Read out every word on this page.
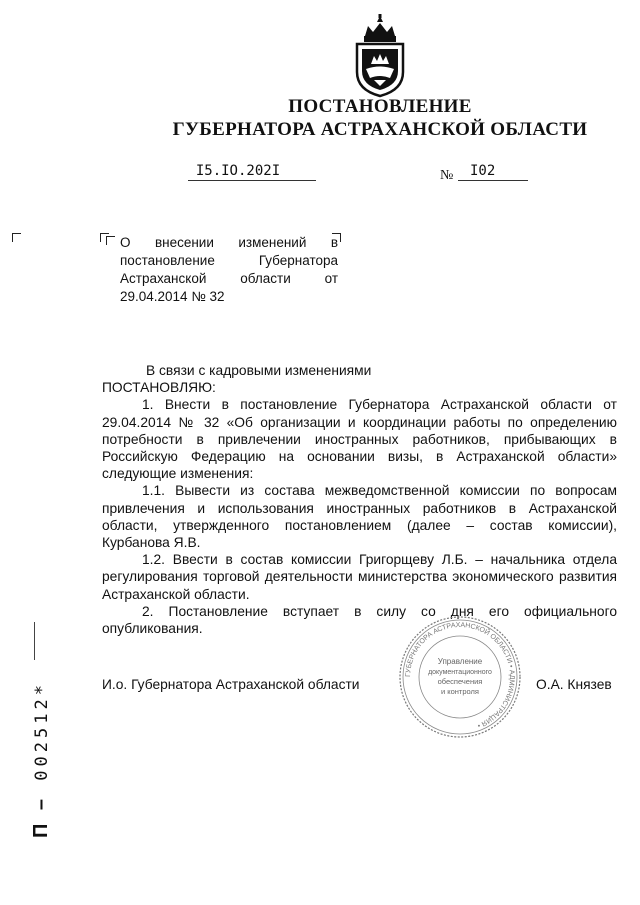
ПОСТАНОВЛЕНИЕ
ГУБЕРНАТОРА АСТРАХАНСКОЙ ОБЛАСТИ
I5.IO.202I	№ I02
О внесении изменений в постановление Губернатора Астраханской области от 29.04.2014 № 32

В связи с кадровыми изменениями

ПОСТАНОВЛЯЮ:

1. Внести в постановление Губернатора Астраханской области от 29.04.2014 № 32 «Об организации и координации работы по определению потребности в привлечении иностранных работников, прибывающих в Российскую Федерацию на основании визы, в Астраханской области» следующие изменения:

1.1. Вывести из состава межведомственной комиссии по вопросам привлечения и использования иностранных работников в Астраханской области, утвержденного постановлением (далее – состав комиссии), Курбанова Я.В.

1.2. Ввести в состав комиссии Григорщеву Л.Б. – начальника отдела регулирования торговой деятельности министерства экономического развития Астраханской области.

2. Постановление вступает в силу со дня его официального опубликования.

ГУБЕРНАТОРА АСТРАХАНСКОЙ ОБЛАСТИ • АДМИНИСТРАЦИЯ •
Управление
документационного
обеспечения
и контроля
И.о. Губернатора Астраханской области	О.А. Князев
П – 002512*
